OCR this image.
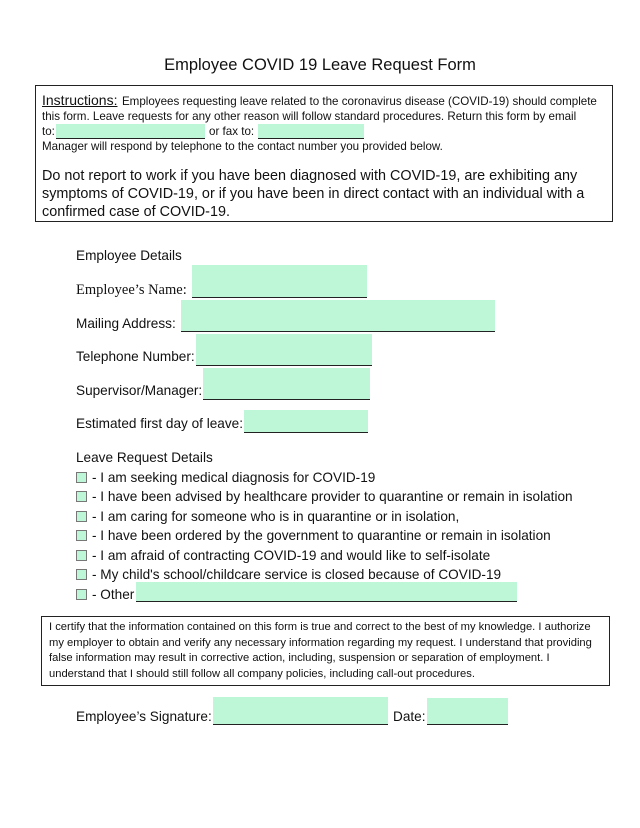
Employee COVID 19 Leave Request Form
Instructions: Employees requesting leave related to the coronavirus disease (COVID-19) should complete
this form. Leave requests for any other reason will follow standard procedures. Return this form by email
to:	or fax to:
Manager will respond by telephone to the contact number you provided below.
Do not report to work if you have been diagnosed with COVID-19, are exhibiting any symptoms of COVID-19, or if you have been in direct contact with an individual with a confirmed case of COVID-19.
Employee Details
Employee’s Name:
Mailing Address:
Telephone Number:
Supervisor/Manager:
Estimated first day of leave:
Leave Request Details
- I am seeking medical diagnosis for COVID-19
- I have been advised by healthcare provider to quarantine or remain in isolation
- I am caring for someone who is in quarantine or in isolation,
- I have been ordered by the government to quarantine or remain in isolation
- I am afraid of contracting COVID-19 and would like to self-isolate
- My child's school/childcare service is closed because of COVID-19
- Other
I certify that the information contained on this form is true and correct to the best of my knowledge. I authorize my employer to obtain and verify any necessary information regarding my request. I understand that providing false information may result in corrective action, including, suspension or separation of employment. I understand that I should still follow all company policies, including call-out procedures.
Employee’s Signature:	Date:
